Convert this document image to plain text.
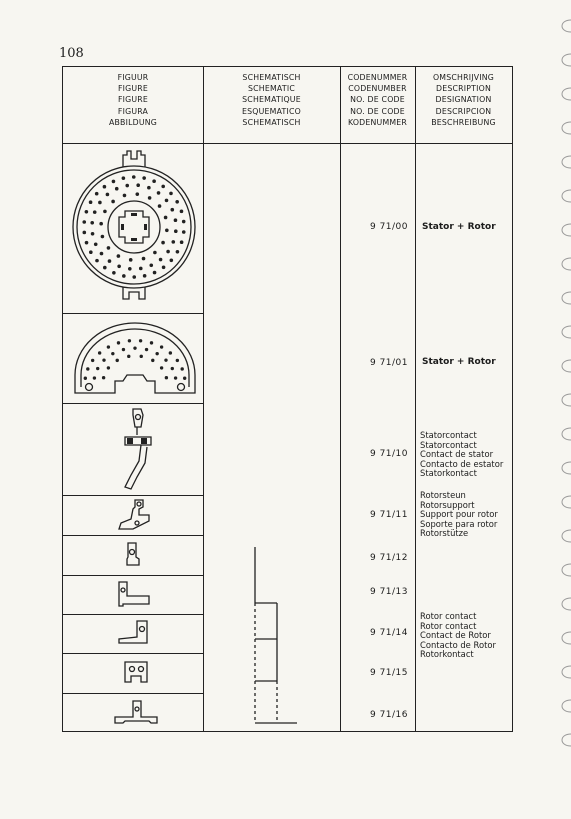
108
FIGUUR
FIGURE
FIGURE
FIGURA
ABBILDUNG
SCHEMATISCH
SCHEMATIC
SCHEMATIQUE
ESQUEMATICO
SCHEMATISCH
CODENUMMER
CODENUMBER
NO. DE CODE
NO. DE CODE
KODENUMMER
OMSCHRIJVING
DESCRIPTION
DESIGNATION
DESCRIPCION
BESCHREIBUNG
9 71/00
9 71/01
9 71/10
9 71/11
9 71/12
9 71/13
9 71/14
9 71/15
9 71/16
Stator + Rotor
Stator + Rotor
Statorcontact
Statorcontact
Contact de stator
Contacto de estator
Statorkontact
Rotorsteun
Rotorsupport
Support pour rotor
Soporte para rotor
Rotorstütze
Rotor contact
Rotor contact
Contact de Rotor
Contacto de Rotor
Rotorkontact
